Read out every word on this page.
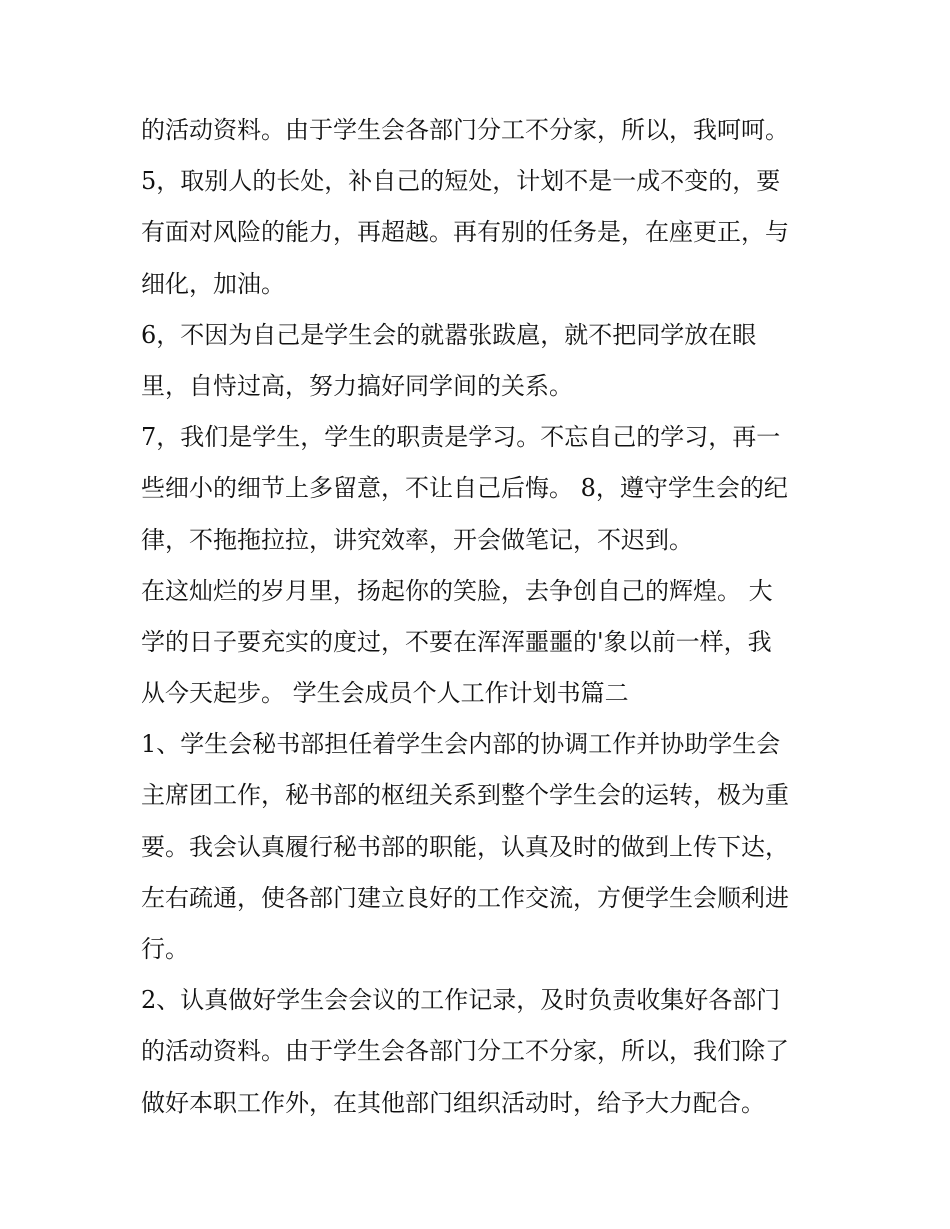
的活动资料。由于学生会各部门分工不分家，所以，我呵呵。
5，取别人的长处，补自己的短处，计划不是一成不变的，要
有面对风险的能力，再超越。再有别的任务是，在座更正，与
细化，加油。
6，不因为自己是学生会的就嚣张跋扈，就不把同学放在眼
里，自恃过高，努力搞好同学间的关系。
7，我们是学生，学生的职责是学习。不忘自己的学习，再一
些细小的细节上多留意，不让自己后悔。 8，遵守学生会的纪
律，不拖拖拉拉，讲究效率，开会做笔记，不迟到。
在这灿烂的岁月里，扬起你的笑脸，去争创自己的辉煌。 大
学的日子要充实的度过，不要在浑浑噩噩的'象以前一样，我
从今天起步。 学生会成员个人工作计划书篇二
1、学生会秘书部担任着学生会内部的协调工作并协助学生会
主席团工作，秘书部的枢纽关系到整个学生会的运转，极为重
要。我会认真履行秘书部的职能，认真及时的做到上传下达，
左右疏通，使各部门建立良好的工作交流，方便学生会顺利进
行。
2、认真做好学生会会议的工作记录，及时负责收集好各部门
的活动资料。由于学生会各部门分工不分家，所以，我们除了
做好本职工作外，在其他部门组织活动时，给予大力配合。
